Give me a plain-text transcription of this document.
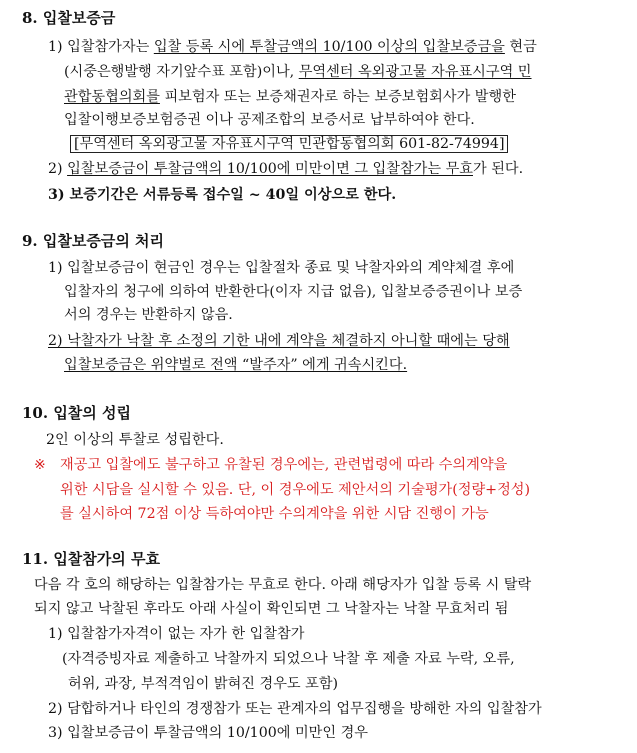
8. 입찰보증금
1) 입찰참가자는 입찰 등록 시에 투찰금액의 10/100 이상의 입찰보증금을 현금
(시중은행발행 자기앞수표 포함)이나, 무역센터 옥외광고물 자유표시구역 민
관합동협의회를 피보험자 또는 보증채권자로 하는 보증보험회사가 발행한
입찰이행보증보험증권 이나 공제조합의 보증서로 납부하여야 한다.
[무역센터 옥외광고물 자유표시구역 민관합동협의회 601-82-74994]
2) 입찰보증금이 투찰금액의 10/100에 미만이면 그 입찰참가는 무효가 된다.
3) 보증기간은 서류등록 접수일 ~ 40일 이상으로 한다.
9. 입찰보증금의 처리
1) 입찰보증금이 현금인 경우는 입찰절차 종료 및 낙찰자와의 계약체결 후에
입찰자의 청구에 의하여 반환한다(이자 지급 없음), 입찰보증증권이나 보증
서의 경우는 반환하지 않음.
2) 낙찰자가 낙찰 후 소정의 기한 내에 계약을 체결하지 아니할 때에는 당해
입찰보증금은 위약벌로 전액 “발주자” 에게 귀속시킨다.
10. 입찰의 성립
2인 이상의 투찰로 성립한다.
※ 재공고 입찰에도 불구하고 유찰된 경우에는, 관련법령에 따라 수의계약을
위한 시담을 실시할 수 있음. 단, 이 경우에도 제안서의 기술평가(정량+정성)
를 실시하여 72점 이상 득하여야만 수의계약을 위한 시담 진행이 가능
11. 입찰참가의 무효
다음 각 호의 해당하는 입찰참가는 무효로 한다. 아래 해당자가 입찰 등록 시 탈락
되지 않고 낙찰된 후라도 아래 사실이 확인되면 그 낙찰자는 낙찰 무효처리 됨
1) 입찰참가자격이 없는 자가 한 입찰참가
(자격증빙자료 제출하고 낙찰까지 되었으나 낙찰 후 제출 자료 누락, 오류,
허위, 과장, 부적격임이 밝혀진 경우도 포함)
2) 담합하거나 타인의 경쟁참가 또는 관계자의 업무집행을 방해한 자의 입찰참가
3) 입찰보증금이 투찰금액의 10/100에 미만인 경우
